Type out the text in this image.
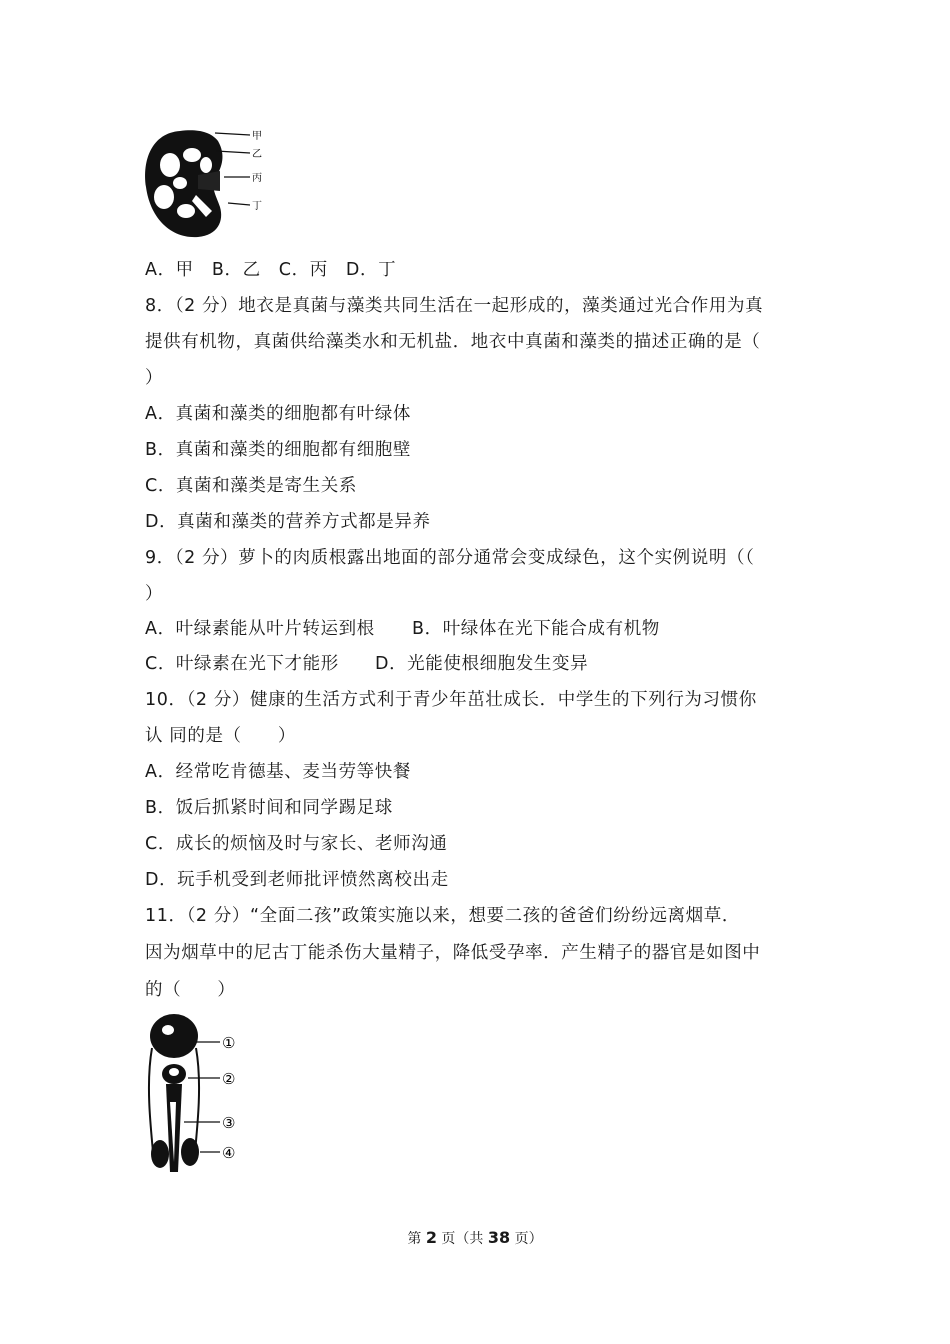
甲
乙
丙
丁
A．甲　B．乙　C．丙　D．丁
8．（2 分）地衣是真菌与藻类共同生活在一起形成的，藻类通过光合作用为真
提供有机物，真菌供给藻类水和无机盐．地衣中真菌和藻类的描述正确的是（
）
A．真菌和藻类的细胞都有叶绿体
B．真菌和藻类的细胞都有细胞壁
C．真菌和藻类是寄生关系
D．真菌和藻类的营养方式都是异养
9．（2 分）萝卜的肉质根露出地面的部分通常会变成绿色，这个实例说明（（
）
A．叶绿素能从叶片转运到根 B．叶绿体在光下能合成有机物
C．叶绿素在光下才能形 D．光能使根细胞发生变异
10．（2 分）健康的生活方式利于青少年茁壮成长．中学生的下列行为习惯你
认 同的是（　　）
A．经常吃肯德基、麦当劳等快餐
B．饭后抓紧时间和同学踢足球
C．成长的烦恼及时与家长、老师沟通
D．玩手机受到老师批评愤然离校出走
11．（2 分）“全面二孩”政策实施以来，想要二孩的爸爸们纷纷远离烟草．
因为烟草中的尼古丁能杀伤大量精子，降低受孕率．产生精子的器官是如图中
的（　　）
①
②
③
④
第 2 页（共 38 页）
